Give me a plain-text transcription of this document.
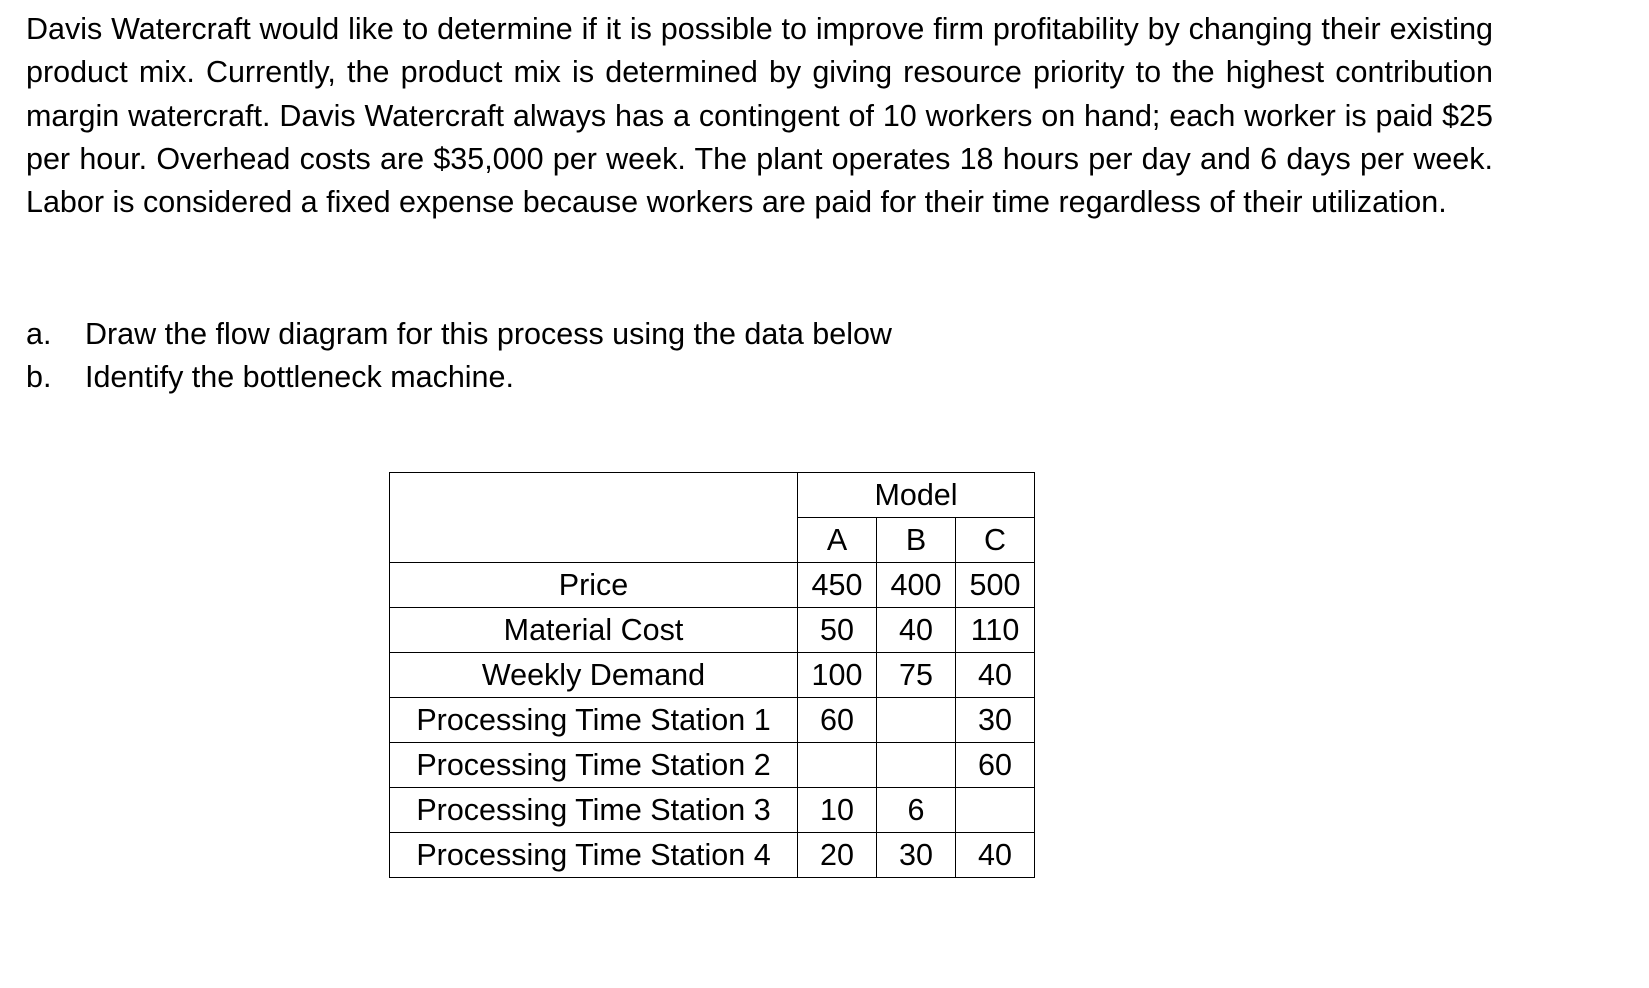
Davis Watercraft would like to determine if it is possible to improve firm profitability by changing their existing product mix. Currently, the product mix is determined by giving resource priority to the highest contribution margin watercraft. Davis Watercraft always has a contingent of 10 workers on hand; each worker is paid $25 per hour. Overhead costs are $35,000 per week. The plant operates 18 hours per day and 6 days per week. Labor is considered a fixed expense because workers are paid for their time regardless of their utilization.

a.	Draw the flow diagram for this process using the data below
b.	Identify the bottleneck machine.
	Model		
	A	B	C
Price	450	400	500
Material Cost	50	40	110
Weekly Demand	100	75	40
Processing Time Station 1	60		30
Processing Time Station 2			60
Processing Time Station 3	10	6	
Processing Time Station 4	20	30	40
